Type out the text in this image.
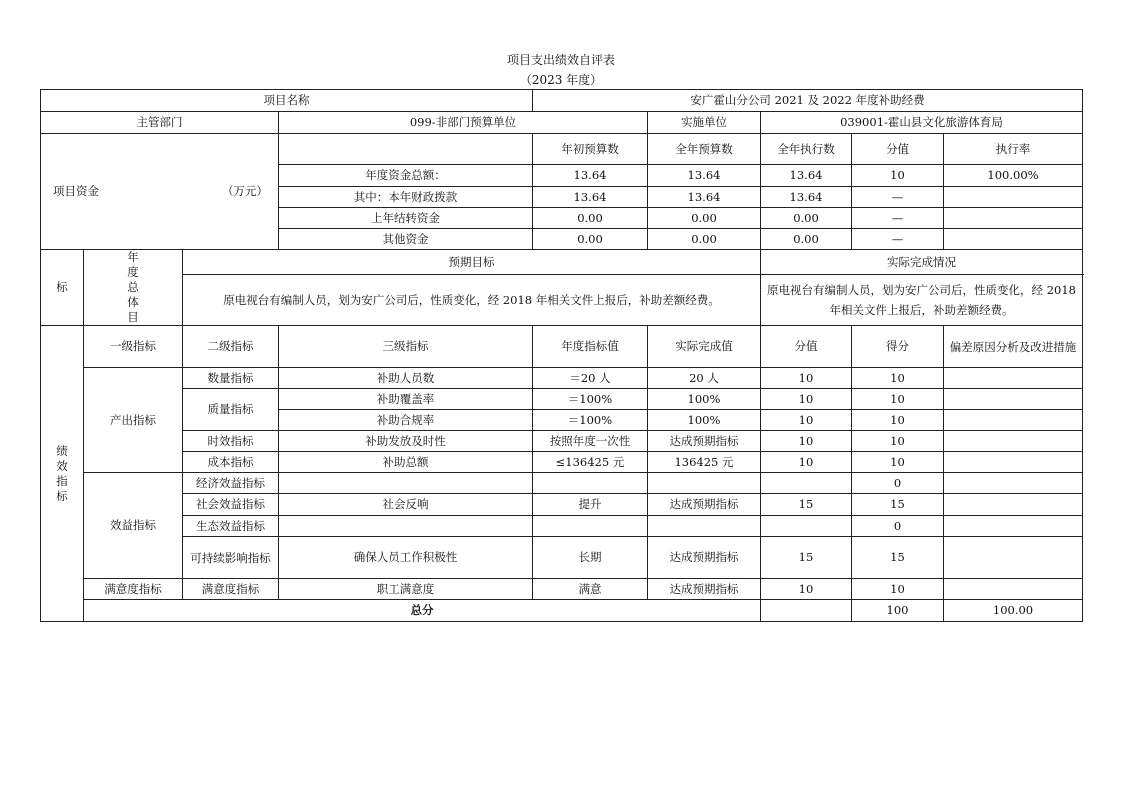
项目支出绩效自评表
（2023 年度）
项目名称				安广霍山分公司 2021 及 2022 年度补助经费					
主管部门			099-非部门预算单位		实施单位	039001-霍山县文化旅游体育局			

项目资金 （万元）				年初预算数	全年预算数	全年执行数	分值	执行率	
			年度资金总额：	13.64	13.64	13.64	10	100.00%	
			其中：本年财政拨款	13.64	13.64	13.64	—		
			上年结转资金	0.00	0.00	0.00	—		
			其他资金	0.00	0.00	0.00	—		
标	年度总体目	预期目标				实际完成情况			
		原电视台有编制人员，划为安广公司后，性质变化，经 2018 年相关文件上报后，补助差额经费。				原电视台有编制人员，划为安广公司后，性质变化，经 2018 年相关文件上报后，补助差额经费。			

绩效指标	一级指标	二级指标	三级指标	年度指标值	实际完成值	分值	得分	偏差原因分析及改进措施	
	产出指标	数量指标	补助人员数	＝20 人	20 人	10	10		
		质量指标	补助覆盖率	＝100%	100%	10	10		
			补助合规率	＝100%	100%	10	10		
		时效指标	补助发放及时性	按照年度一次性	达成预期指标	10	10		
		成本指标	补助总额	≤136425 元	136425 元	10	10		
	效益指标	经济效益指标					0		
		社会效益指标	社会反响	提升	达成预期指标	15	15		
		生态效益指标					0		
		可持续影响指标	确保人员工作积极性	长期	达成预期指标	15	15		
	满意度指标	满意度指标	职工满意度	满意	达成预期指标	10	10		
	总分						100	100.00	
